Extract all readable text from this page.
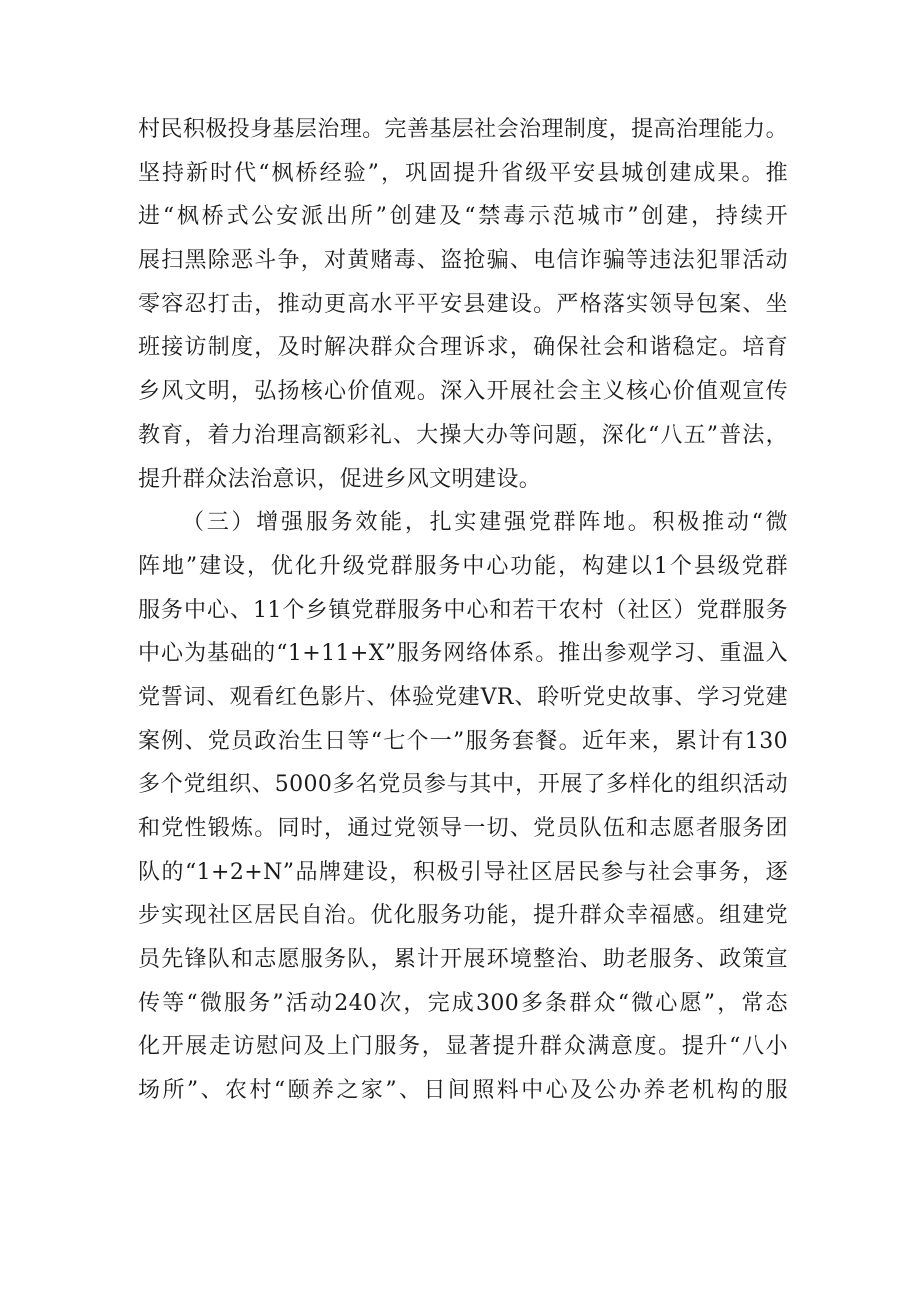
村民积极投身基层治理。完善基层社会治理制度，提高治理能力。
坚持新时代“枫桥经验”，巩固提升省级平安县城创建成果。推
进“枫桥式公安派出所”创建及“禁毒示范城市”创建，持续开
展扫黑除恶斗争，对黄赌毒、盗抢骗、电信诈骗等违法犯罪活动
零容忍打击，推动更高水平平安县建设。严格落实领导包案、坐
班接访制度，及时解决群众合理诉求，确保社会和谐稳定。培育
乡风文明，弘扬核心价值观。深入开展社会主义核心价值观宣传
教育，着力治理高额彩礼、大操大办等问题，深化“八五”普法，
提升群众法治意识，促进乡风文明建设。
（三）增强服务效能，扎实建强党群阵地。积极推动“微
阵地”建设，优化升级党群服务中心功能，构建以1个县级党群
服务中心、11个乡镇党群服务中心和若干农村（社区）党群服务
中心为基础的“1+11+X”服务网络体系。推出参观学习、重温入
党誓词、观看红色影片、体验党建VR、聆听党史故事、学习党建
案例、党员政治生日等“七个一”服务套餐。近年来，累计有130
多个党组织、5000多名党员参与其中，开展了多样化的组织活动
和党性锻炼。同时，通过党领导一切、党员队伍和志愿者服务团
队的“1+2+N”品牌建设，积极引导社区居民参与社会事务，逐
步实现社区居民自治。优化服务功能，提升群众幸福感。组建党
员先锋队和志愿服务队，累计开展环境整治、助老服务、政策宣
传等“微服务”活动240次，完成300多条群众“微心愿”，常态
化开展走访慰问及上门服务，显著提升群众满意度。提升“八小
场所”、农村“颐养之家”、日间照料中心及公办养老机构的服
